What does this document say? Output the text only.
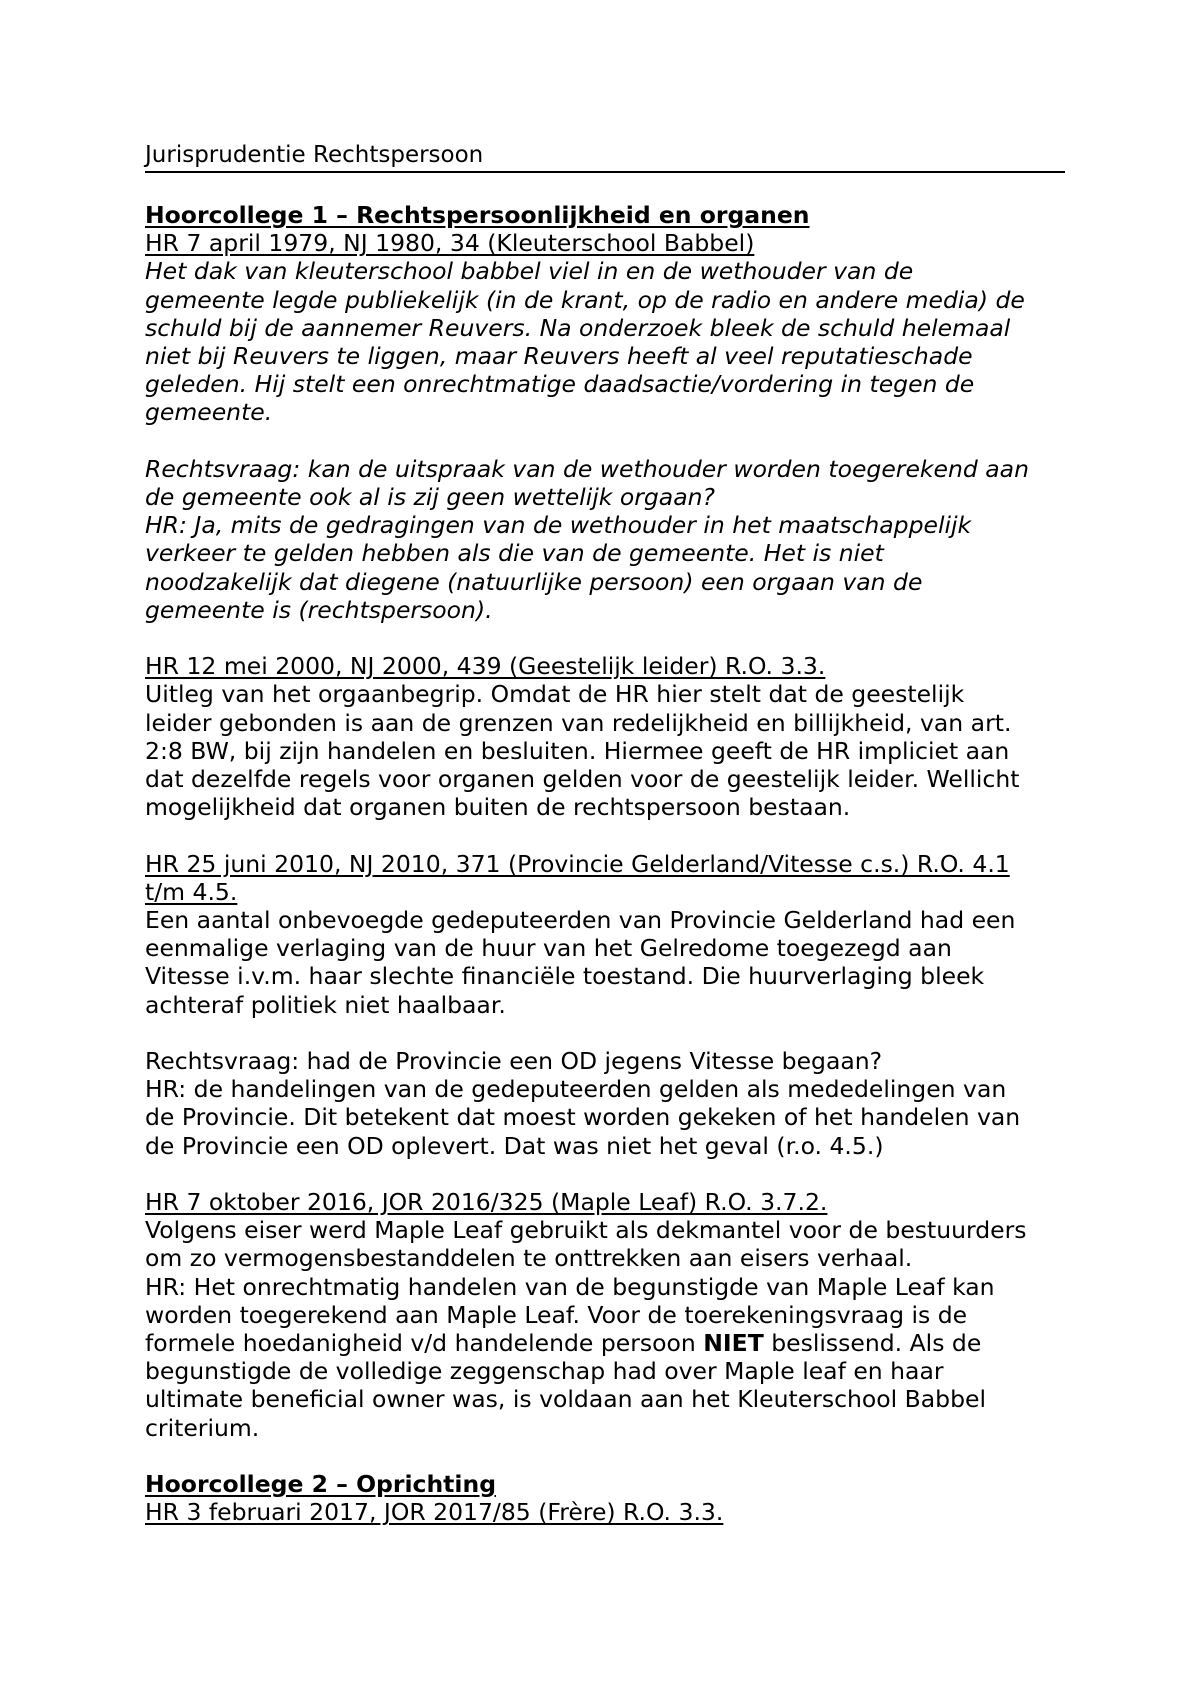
Jurisprudentie Rechtspersoon
Hoorcollege 1 – Rechtspersoonlijkheid en organen
HR 7 april 1979, NJ 1980, 34 (Kleuterschool Babbel)
Het dak van kleuterschool babbel viel in en de wethouder van de
gemeente legde publiekelijk (in de krant, op de radio en andere media) de
schuld bij de aannemer Reuvers. Na onderzoek bleek de schuld helemaal
niet bij Reuvers te liggen, maar Reuvers heeft al veel reputatieschade
geleden. Hij stelt een onrechtmatige daadsactie/vordering in tegen de
gemeente.
Rechtsvraag: kan de uitspraak van de wethouder worden toegerekend aan
de gemeente ook al is zij geen wettelijk orgaan?
HR: Ja, mits de gedragingen van de wethouder in het maatschappelijk
verkeer te gelden hebben als die van de gemeente. Het is niet
noodzakelijk dat diegene (natuurlijke persoon) een orgaan van de
gemeente is (rechtspersoon).
HR 12 mei 2000, NJ 2000, 439 (Geestelijk leider) R.O. 3.3.
Uitleg van het orgaanbegrip. Omdat de HR hier stelt dat de geestelijk
leider gebonden is aan de grenzen van redelijkheid en billijkheid, van art.
2:8 BW, bij zijn handelen en besluiten. Hiermee geeft de HR impliciet aan
dat dezelfde regels voor organen gelden voor de geestelijk leider. Wellicht
mogelijkheid dat organen buiten de rechtspersoon bestaan.
HR 25 juni 2010, NJ 2010, 371 (Provincie Gelderland/Vitesse c.s.) R.O. 4.1
t/m 4.5.
Een aantal onbevoegde gedeputeerden van Provincie Gelderland had een
eenmalige verlaging van de huur van het Gelredome toegezegd aan
Vitesse i.v.m. haar slechte financiële toestand. Die huurverlaging bleek
achteraf politiek niet haalbaar.
Rechtsvraag: had de Provincie een OD jegens Vitesse begaan?
HR: de handelingen van de gedeputeerden gelden als mededelingen van
de Provincie. Dit betekent dat moest worden gekeken of het handelen van
de Provincie een OD oplevert. Dat was niet het geval (r.o. 4.5.)
HR 7 oktober 2016, JOR 2016/325 (Maple Leaf) R.O. 3.7.2.
Volgens eiser werd Maple Leaf gebruikt als dekmantel voor de bestuurders
om zo vermogensbestanddelen te onttrekken aan eisers verhaal.
HR: Het onrechtmatig handelen van de begunstigde van Maple Leaf kan
worden toegerekend aan Maple Leaf. Voor de toerekeningsvraag is de
formele hoedanigheid v/d handelende persoon NIET beslissend. Als de
begunstigde de volledige zeggenschap had over Maple leaf en haar
ultimate beneficial owner was, is voldaan aan het Kleuterschool Babbel
criterium.
Hoorcollege 2 – Oprichting
HR 3 februari 2017, JOR 2017/85 (Frère) R.O. 3.3.
